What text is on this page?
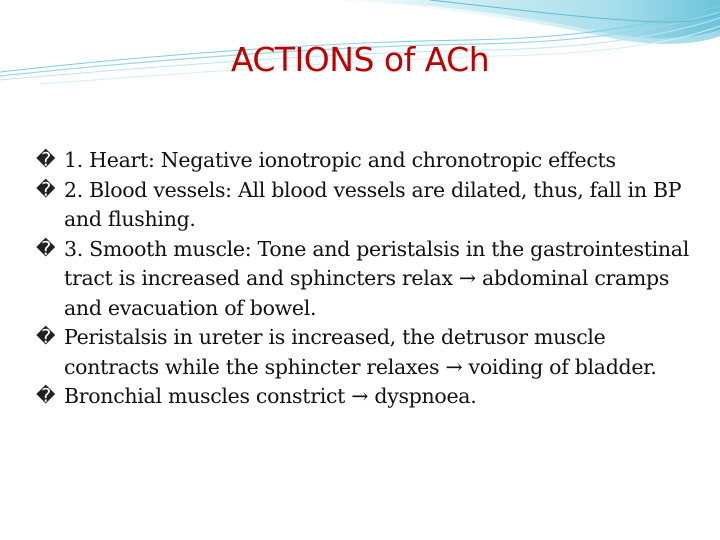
ACTIONS of ACh
� 1. Heart: Negative ionotropic and chronotropic effects
� 2. Blood vessels: All blood vessels are dilated, thus, fall in BP and flushing.
� 3. Smooth muscle: Tone and peristalsis in the gastrointestinal tract is increased and sphincters relax → abdominal cramps and evacuation of bowel.
� Peristalsis in ureter is increased, the detrusor muscle contracts while the sphincter relaxes → voiding of bladder.
� Bronchial muscles constrict → dyspnoea.
